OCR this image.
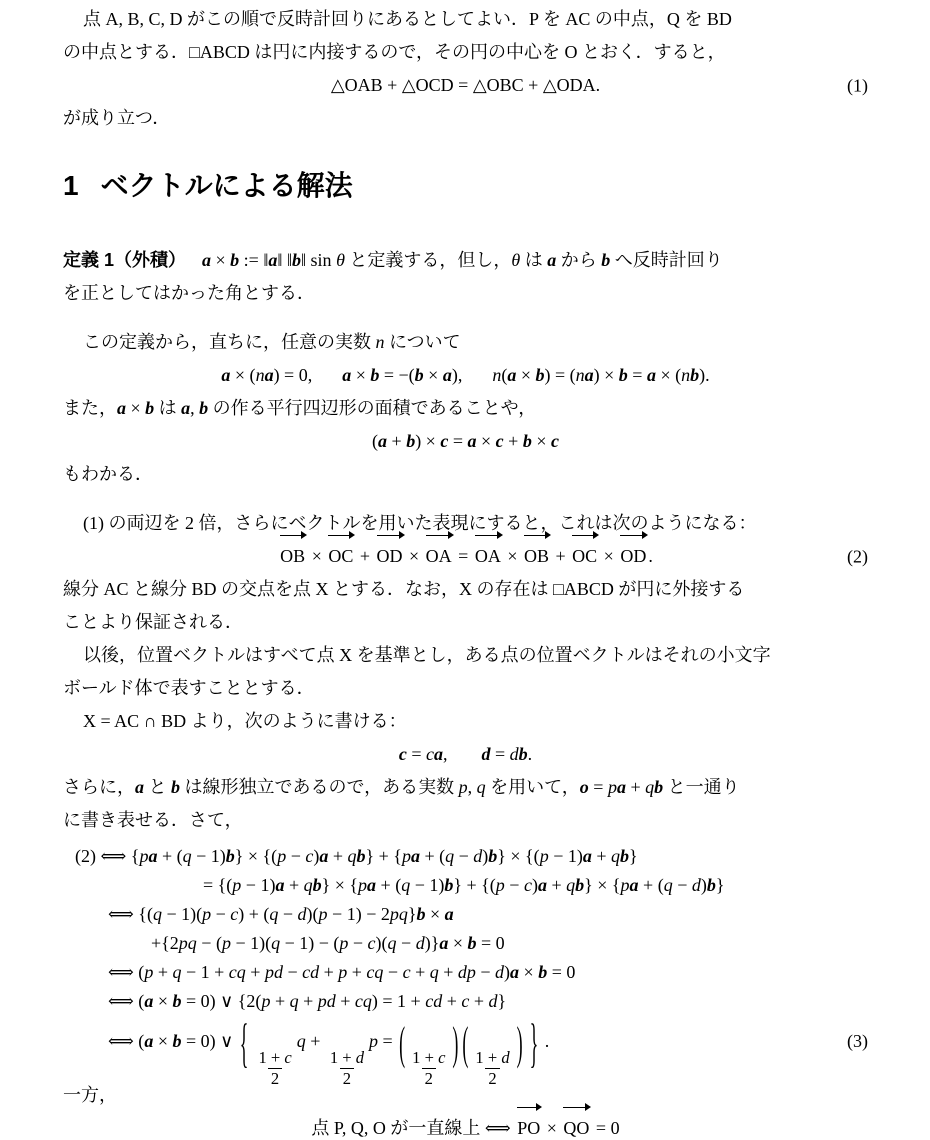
点 A, B, C, D がこの順で反時計回りにあるとしてよい．P を AC の中点，Q を BD
の中点とする．□ABCD は円に内接するので，その円の中心を O とおく．すると，
△OAB + △OCD = △OBC + △ODA.	(1)
が成り立つ．
1 ベクトルによる解法
定義 1（外積） a × b := ‖a‖ ‖b‖ sin θ と定義する，但し，θ は a から b へ反時計回り
を正としてはかった角とする．
この定義から，直ちに，任意の実数 n について
a × (na) = 0, a × b = −(b × a), n(a × b) = (na) × b = a × (nb).
また，a × b は a, b の作る平行四辺形の面積であることや，
(a + b) × c = a × c + b × c
もわかる．
(1) の両辺を 2 倍，さらにベクトルを用いた表現にすると，これは次のようになる：
OB × OC + OD × OA = OA × OB + OC × OD .	(2)
線分 AC と線分 BD の交点を点 X とする．なお，X の存在は □ABCD が円に外接する
ことより保証される．
以後，位置ベクトルはすべて点 X を基準とし，ある点の位置ベクトルはそれの小文字
ボールド体で表すこととする．
X = AC ∩ BD より，次のように書ける：
c = ca, d = db.
さらに，a と b は線形独立であるので，ある実数 p, q を用いて，o = pa + qb と一通り
に書き表せる．さて，
(2) ⟺ {pa + (q − 1)b} × {(p − c)a + qb} + {pa + (q − d)b} × {(p − 1)a + qb}
= {(p − 1)a + qb} × {pa + (q − 1)b} + {(p − c)a + qb} × {pa + (q − d)b}
⟺ {(q − 1)(p − c) + (q − d)(p − 1) − 2pq}b × a
+{2pq − (p − 1)(q − 1) − (p − c)(q − d)}a × b = 0
⟺ (p + q − 1 + cq + pd − cd + p + cq − c + q + dp − d)a × b = 0
⟺ (a × b = 0) ∨ {2(p + q + pd + cq) = 1 + cd + c + d}
⟺ (a × b = 0) ∨ { $\frac{1 + c}{2}$
q +
$\frac{1 + d}{2}$
p = ( $\frac{1 + c}{2}$ ) ( $\frac{1 + d}{2}$ ) } .	(3)
一方，
点 P, Q, O が一直線上 ⟺ PO × QO = 0
